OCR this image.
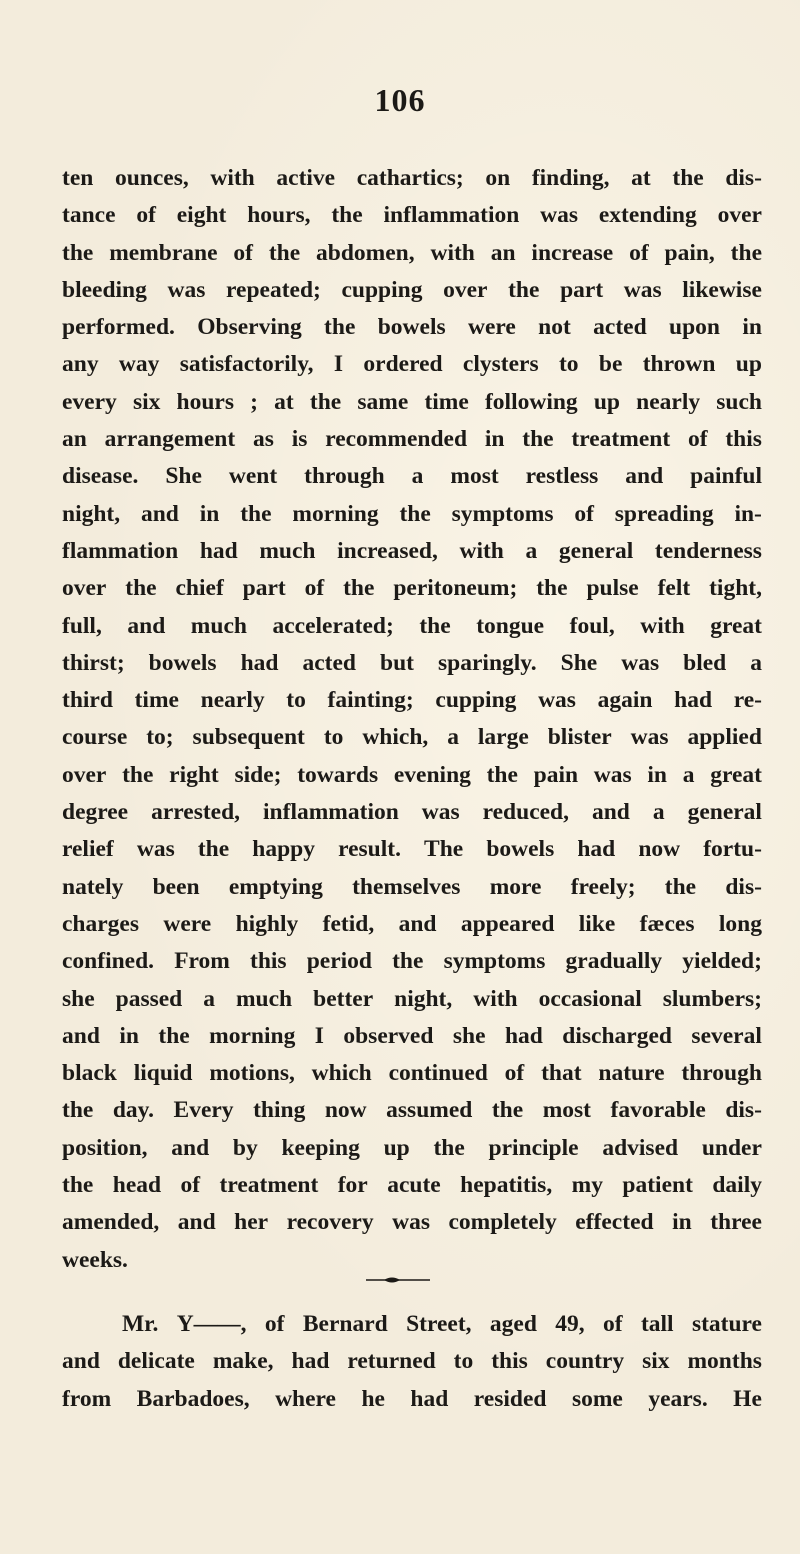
106
ten ounces, with active cathartics; on finding, at the dis-
tance of eight hours, the inflammation was extending over
the membrane of the abdomen, with an increase of pain, the
bleeding was repeated; cupping over the part was likewise
performed. Observing the bowels were not acted upon in
any way satisfactorily, I ordered clysters to be thrown up
every six hours ; at the same time following up nearly such
an arrangement as is recommended in the treatment of this
disease. She went through a most restless and painful
night, and in the morning the symptoms of spreading in-
flammation had much increased, with a general tenderness
over the chief part of the peritoneum; the pulse felt tight,
full, and much accelerated; the tongue foul, with great
thirst; bowels had acted but sparingly. She was bled a
third time nearly to fainting; cupping was again had re-
course to; subsequent to which, a large blister was applied
over the right side; towards evening the pain was in a great
degree arrested, inflammation was reduced, and a general
relief was the happy result. The bowels had now fortu-
nately been emptying themselves more freely; the dis-
charges were highly fetid, and appeared like fæces long
confined. From this period the symptoms gradually yielded;
she passed a much better night, with occasional slumbers;
and in the morning I observed she had discharged several
black liquid motions, which continued of that nature through
the day. Every thing now assumed the most favorable dis-
position, and by keeping up the principle advised under
the head of treatment for acute hepatitis, my patient daily
amended, and her recovery was completely effected in three
weeks.
Mr. Y——, of Bernard Street, aged 49, of tall stature
and delicate make, had returned to this country six months
from Barbadoes, where he had resided some years. He
